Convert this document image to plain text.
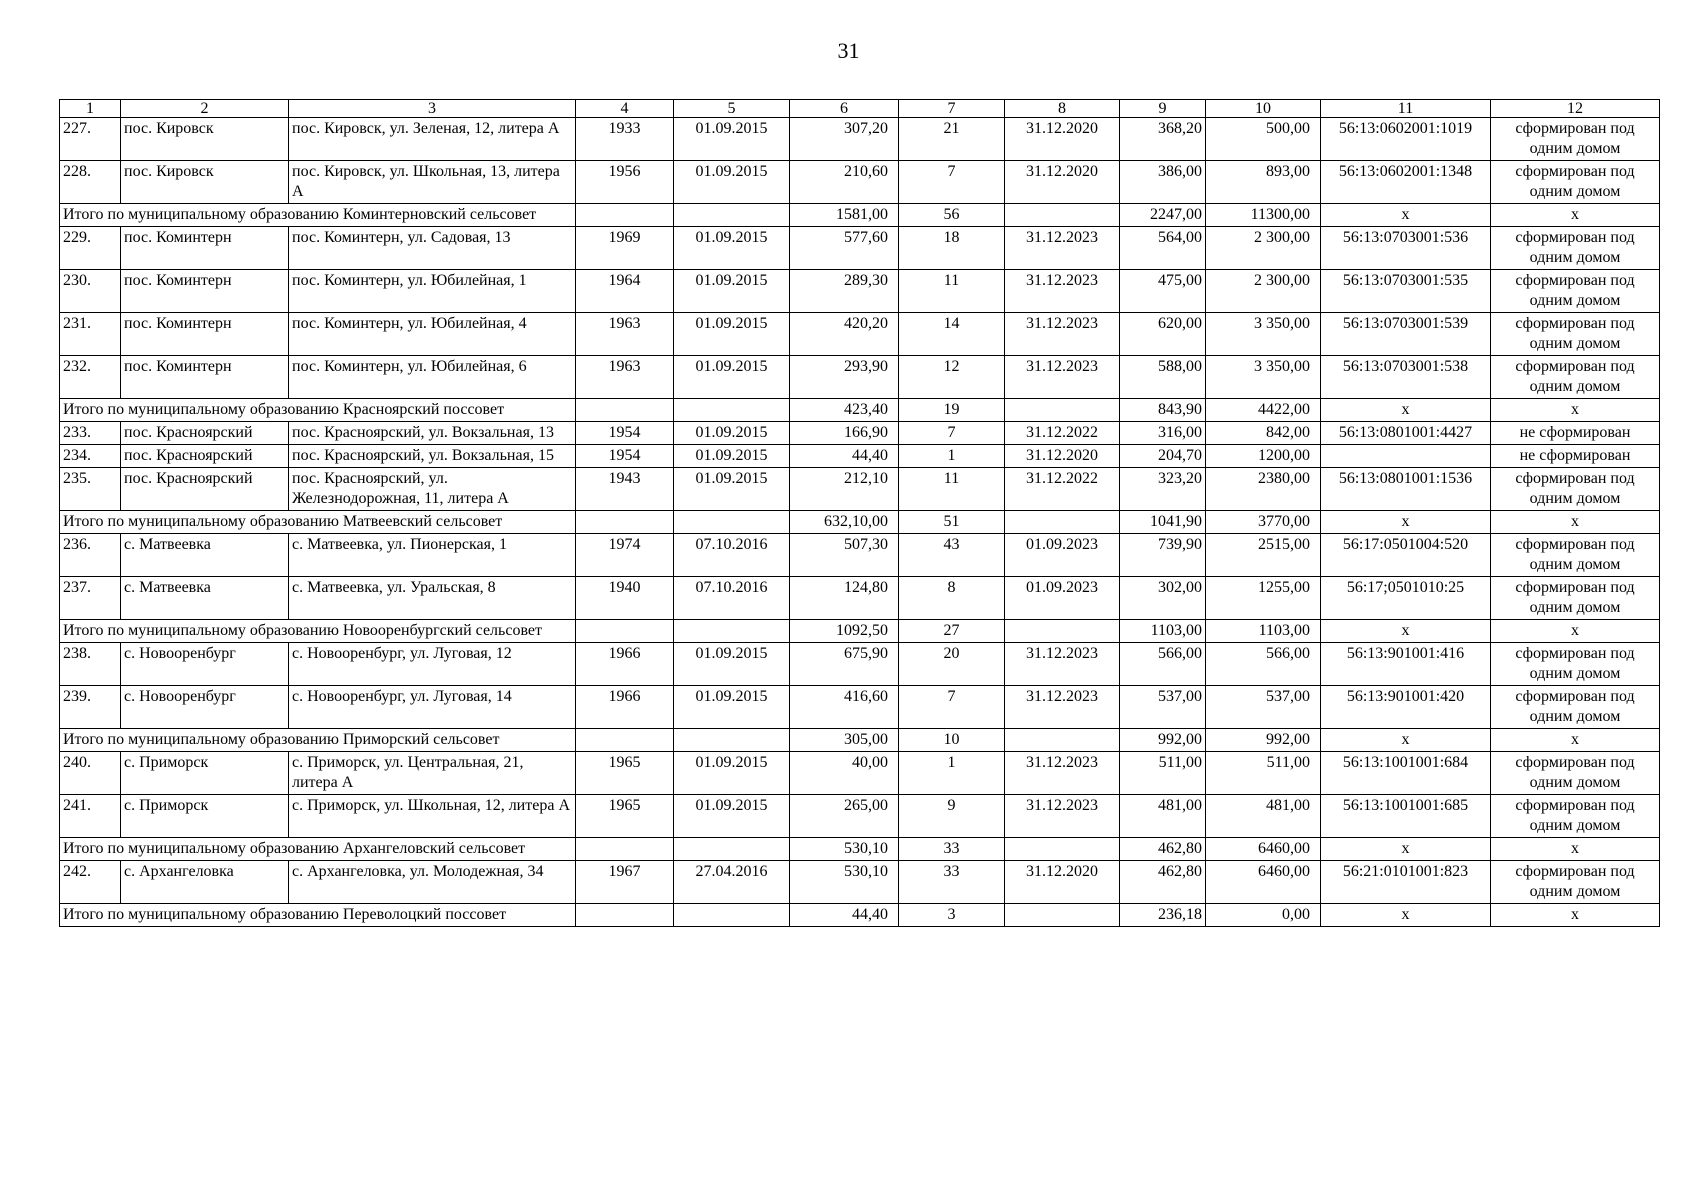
31
1	2	3	4	5	6	7	8	9	10	11	12
227.	пос. Кировск	пос. Кировск, ул. Зеленая, 12, литера А	1933	01.09.2015	307,20	21	31.12.2020	368,20	500,00	56:13:0602001:1019	сформирован под одним домом
228.	пос. Кировск	пос. Кировск, ул. Школьная, 13, литера А	1956	01.09.2015	210,60	7	31.12.2020	386,00	893,00	56:13:0602001:1348	сформирован под одним домом
Итого по муниципальному образованию Коминтерновский сельсовет					1581,00	56		2247,00	11300,00	х	х
229.	пос. Коминтерн	пос. Коминтерн, ул. Садовая, 13	1969	01.09.2015	577,60	18	31.12.2023	564,00	2 300,00	56:13:0703001:536	сформирован под одним домом
230.	пос. Коминтерн	пос. Коминтерн, ул. Юбилейная, 1	1964	01.09.2015	289,30	11	31.12.2023	475,00	2 300,00	56:13:0703001:535	сформирован под одним домом
231.	пос. Коминтерн	пос. Коминтерн, ул. Юбилейная, 4	1963	01.09.2015	420,20	14	31.12.2023	620,00	3 350,00	56:13:0703001:539	сформирован под одним домом
232.	пос. Коминтерн	пос. Коминтерн, ул. Юбилейная, 6	1963	01.09.2015	293,90	12	31.12.2023	588,00	3 350,00	56:13:0703001:538	сформирован под одним домом
Итого по муниципальному образованию Красноярский поссовет					423,40	19		843,90	4422,00	х	х
233.	пос. Красноярский	пос. Красноярский, ул. Вокзальная, 13	1954	01.09.2015	166,90	7	31.12.2022	316,00	842,00	56:13:0801001:4427	не сформирован
234.	пос. Красноярский	пос. Красноярский, ул. Вокзальная, 15	1954	01.09.2015	44,40	1	31.12.2020	204,70	1200,00		не сформирован
235.	пос. Красноярский	пос. Красноярский, ул. Железнодорожная, 11, литера А	1943	01.09.2015	212,10	11	31.12.2022	323,20	2380,00	56:13:0801001:1536	сформирован под одним домом
Итого по муниципальному образованию Матвеевский сельсовет					632,10,00	51		1041,90	3770,00	х	х
236.	с. Матвеевка	с. Матвеевка, ул. Пионерская, 1	1974	07.10.2016	507,30	43	01.09.2023	739,90	2515,00	56:17:0501004:520	сформирован под одним домом
237.	с. Матвеевка	с. Матвеевка, ул. Уральская, 8	1940	07.10.2016	124,80	8	01.09.2023	302,00	1255,00	56:17;0501010:25	сформирован под одним домом
Итого по муниципальному образованию Новооренбургский сельсовет					1092,50	27		1103,00	1103,00	х	х
238.	с. Новооренбург	с. Новооренбург, ул. Луговая, 12	1966	01.09.2015	675,90	20	31.12.2023	566,00	566,00	56:13:901001:416	сформирован под одним домом
239.	с. Новооренбург	с. Новооренбург, ул. Луговая, 14	1966	01.09.2015	416,60	7	31.12.2023	537,00	537,00	56:13:901001:420	сформирован под одним домом
Итого по муниципальному образованию Приморский сельсовет					305,00	10		992,00	992,00	х	х
240.	с. Приморск	с. Приморск, ул. Центральная, 21, литера А	1965	01.09.2015	40,00	1	31.12.2023	511,00	511,00	56:13:1001001:684	сформирован под одним домом
241.	с. Приморск	с. Приморск, ул. Школьная, 12, литера А	1965	01.09.2015	265,00	9	31.12.2023	481,00	481,00	56:13:1001001:685	сформирован под одним домом
Итого по муниципальному образованию Архангеловский сельсовет					530,10	33		462,80	6460,00	х	х
242.	с. Архангеловка	с. Архангеловка, ул. Молодежная, 34	1967	27.04.2016	530,10	33	31.12.2020	462,80	6460,00	56:21:0101001:823	сформирован под одним домом
Итого по муниципальному образованию Переволоцкий поссовет					44,40	3		236,18	0,00	х	х
